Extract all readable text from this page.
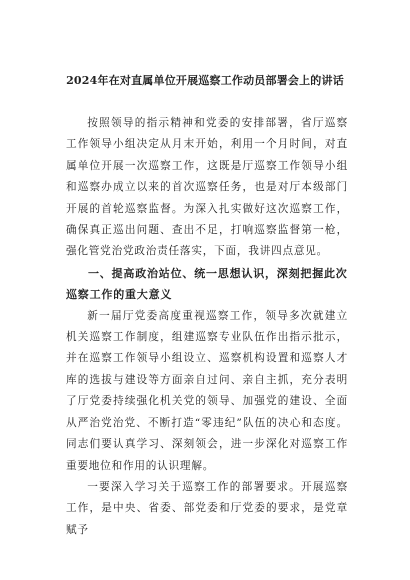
2024年在对直属单位开展巡察工作动员部署会上的讲话

按照领导的指示精神和党委的安排部署，省厅巡察工作领导小组决定从月末开始，利用一个月时间，对直属单位开展一次巡察工作，这既是厅巡察工作领导小组和巡察办成立以来的首次巡察任务，也是对厅本级部门开展的首轮巡察监督。为深入扎实做好这次巡察工作，确保真正巡出问题、查出不足，打响巡察监督第一枪，强化管党治党政治责任落实，下面，我讲四点意见。

一、提高政治站位、统一思想认识，深刻把握此次巡察工作的重大意义

新一届厅党委高度重视巡察工作，领导多次就建立机关巡察工作制度，组建巡察专业队伍作出指示批示，并在巡察工作领导小组设立、巡察机构设置和巡察人才库的选拔与建设等方面亲自过问、亲自主抓，充分表明了厅党委持续强化机关党的领导、加强党的建设、全面从严治党治党、不断打造“零违纪”队伍的决心和态度。同志们要认真学习、深刻领会，进一步深化对巡察工作重要地位和作用的认识理解。

一要深入学习关于巡察工作的部署要求。开展巡察工作，是中央、省委、部党委和厅党委的要求，是党章赋予
